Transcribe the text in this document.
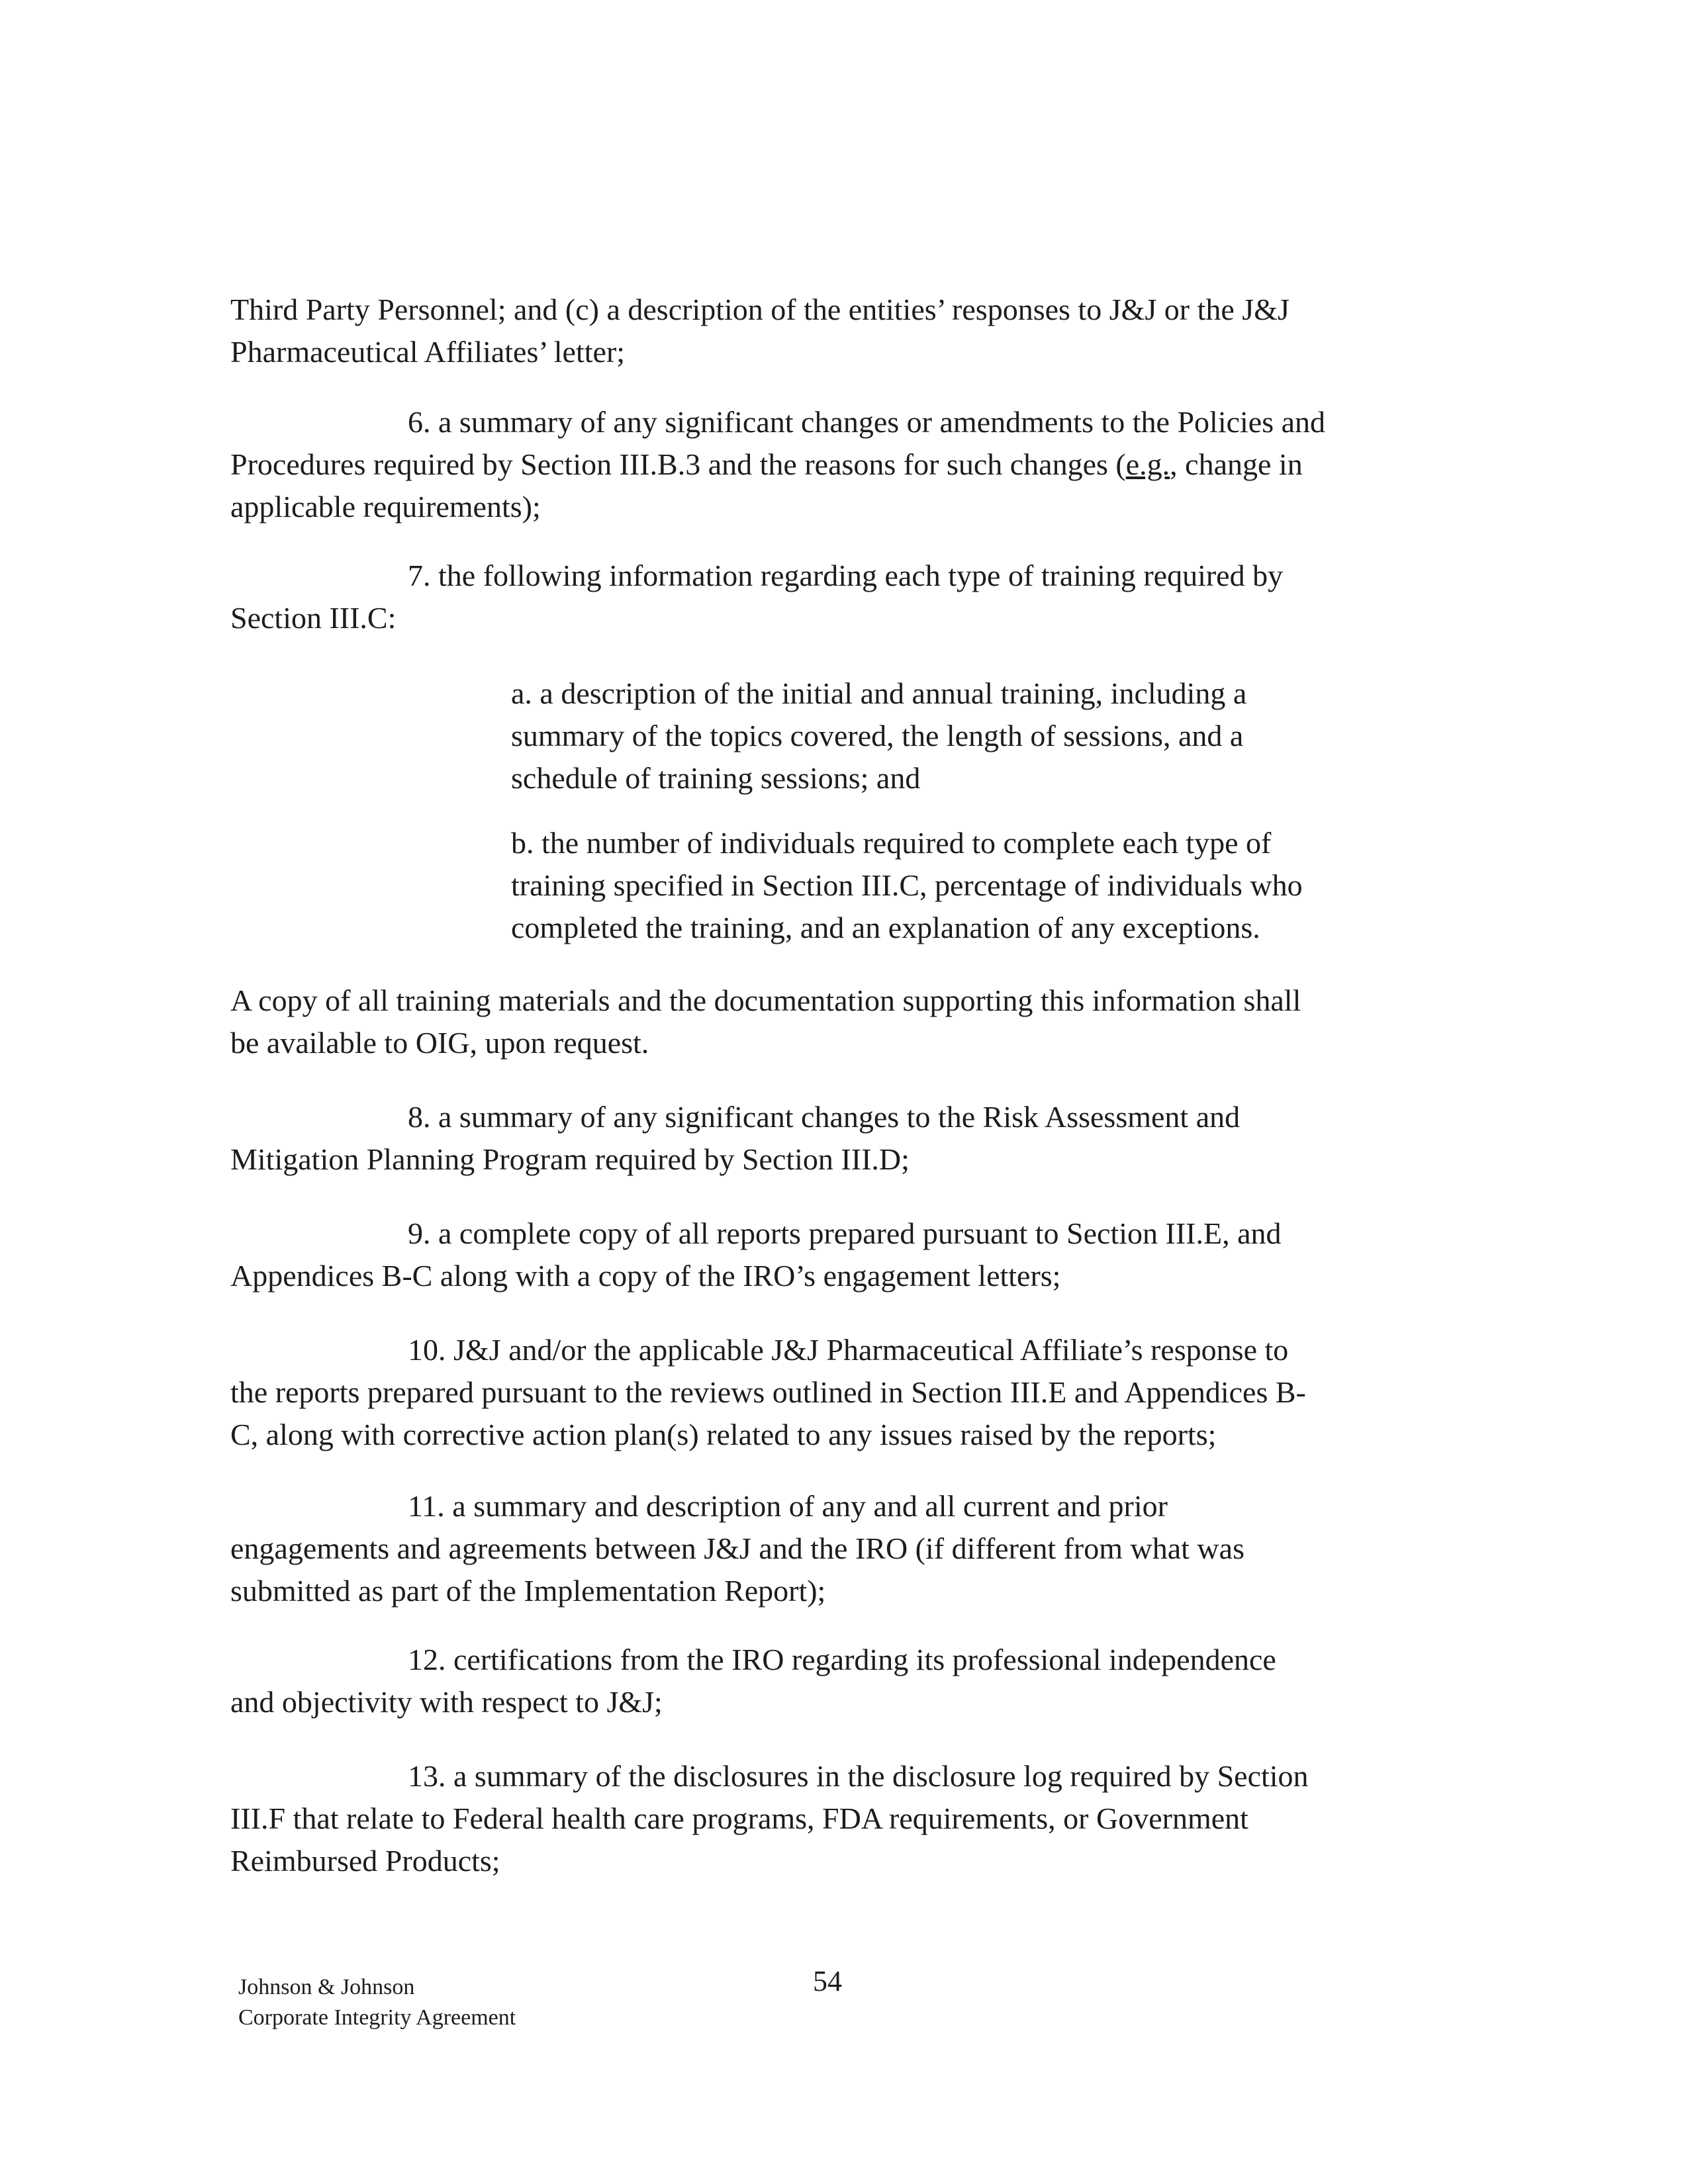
Third Party Personnel; and (c) a description of the entities’ responses to J&J or the J&J
Pharmaceutical Affiliates’ letter;

6. a summary of any significant changes or amendments to the Policies and
Procedures required by Section III.B.3 and the reasons for such changes (e.g., change in
applicable requirements);

7. the following information regarding each type of training required by
Section III.C:

a. a description of the initial and annual training, including a
summary of the topics covered, the length of sessions, and a
schedule of training sessions; and

b. the number of individuals required to complete each type of
training specified in Section III.C, percentage of individuals who
completed the training, and an explanation of any exceptions.

A copy of all training materials and the documentation supporting this information shall
be available to OIG, upon request.

8. a summary of any significant changes to the Risk Assessment and
Mitigation Planning Program required by Section III.D;

9. a complete copy of all reports prepared pursuant to Section III.E, and
Appendices B-C along with a copy of the IRO’s engagement letters;

10. J&J and/or the applicable J&J Pharmaceutical Affiliate’s response to
the reports prepared pursuant to the reviews outlined in Section III.E and Appendices B-
C, along with corrective action plan(s) related to any issues raised by the reports;

11. a summary and description of any and all current and prior
engagements and agreements between J&J and the IRO (if different from what was
submitted as part of the Implementation Report);

12. certifications from the IRO regarding its professional independence
and objectivity with respect to J&J;

13. a summary of the disclosures in the disclosure log required by Section
III.F that relate to Federal health care programs, FDA requirements, or Government
Reimbursed Products;

Johnson & Johnson
Corporate Integrity Agreement
54
